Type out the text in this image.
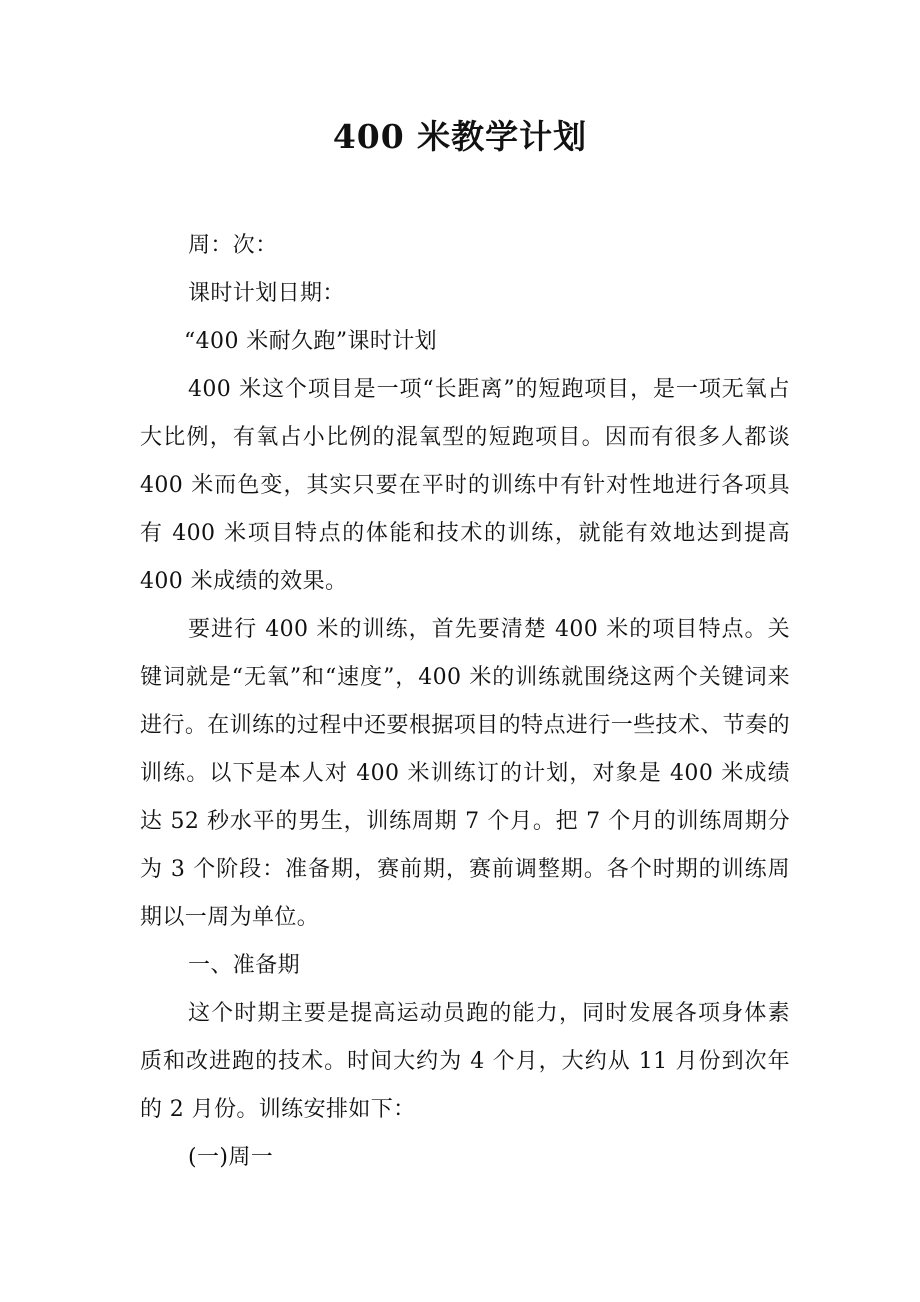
400 米教学计划

周：次：

课时计划日期：

“400 米耐久跑”课时计划

400 米这个项目是一项“长距离”的短跑项目，是一项无氧占大比例，有氧占小比例的混氧型的短跑项目。因而有很多人都谈 400 米而色变，其实只要在平时的训练中有针对性地进行各项具有 400 米项目特点的体能和技术的训练，就能有效地达到提高 400 米成绩的效果。

要进行 400 米的训练，首先要清楚 400 米的项目特点。关键词就是“无氧”和“速度”，400 米的训练就围绕这两个关键词来进行。在训练的过程中还要根据项目的特点进行一些技术、节奏的训练。以下是本人对 400 米训练订的计划，对象是 400 米成绩达 52 秒水平的男生，训练周期 7 个月。把 7 个月的训练周期分为 3 个阶段：准备期，赛前期，赛前调整期。各个时期的训练周期以一周为单位。

一、准备期

这个时期主要是提高运动员跑的能力，同时发展各项身体素质和改进跑的技术。时间大约为 4 个月，大约从 11 月份到次年的 2 月份。训练安排如下：

(一)周一
